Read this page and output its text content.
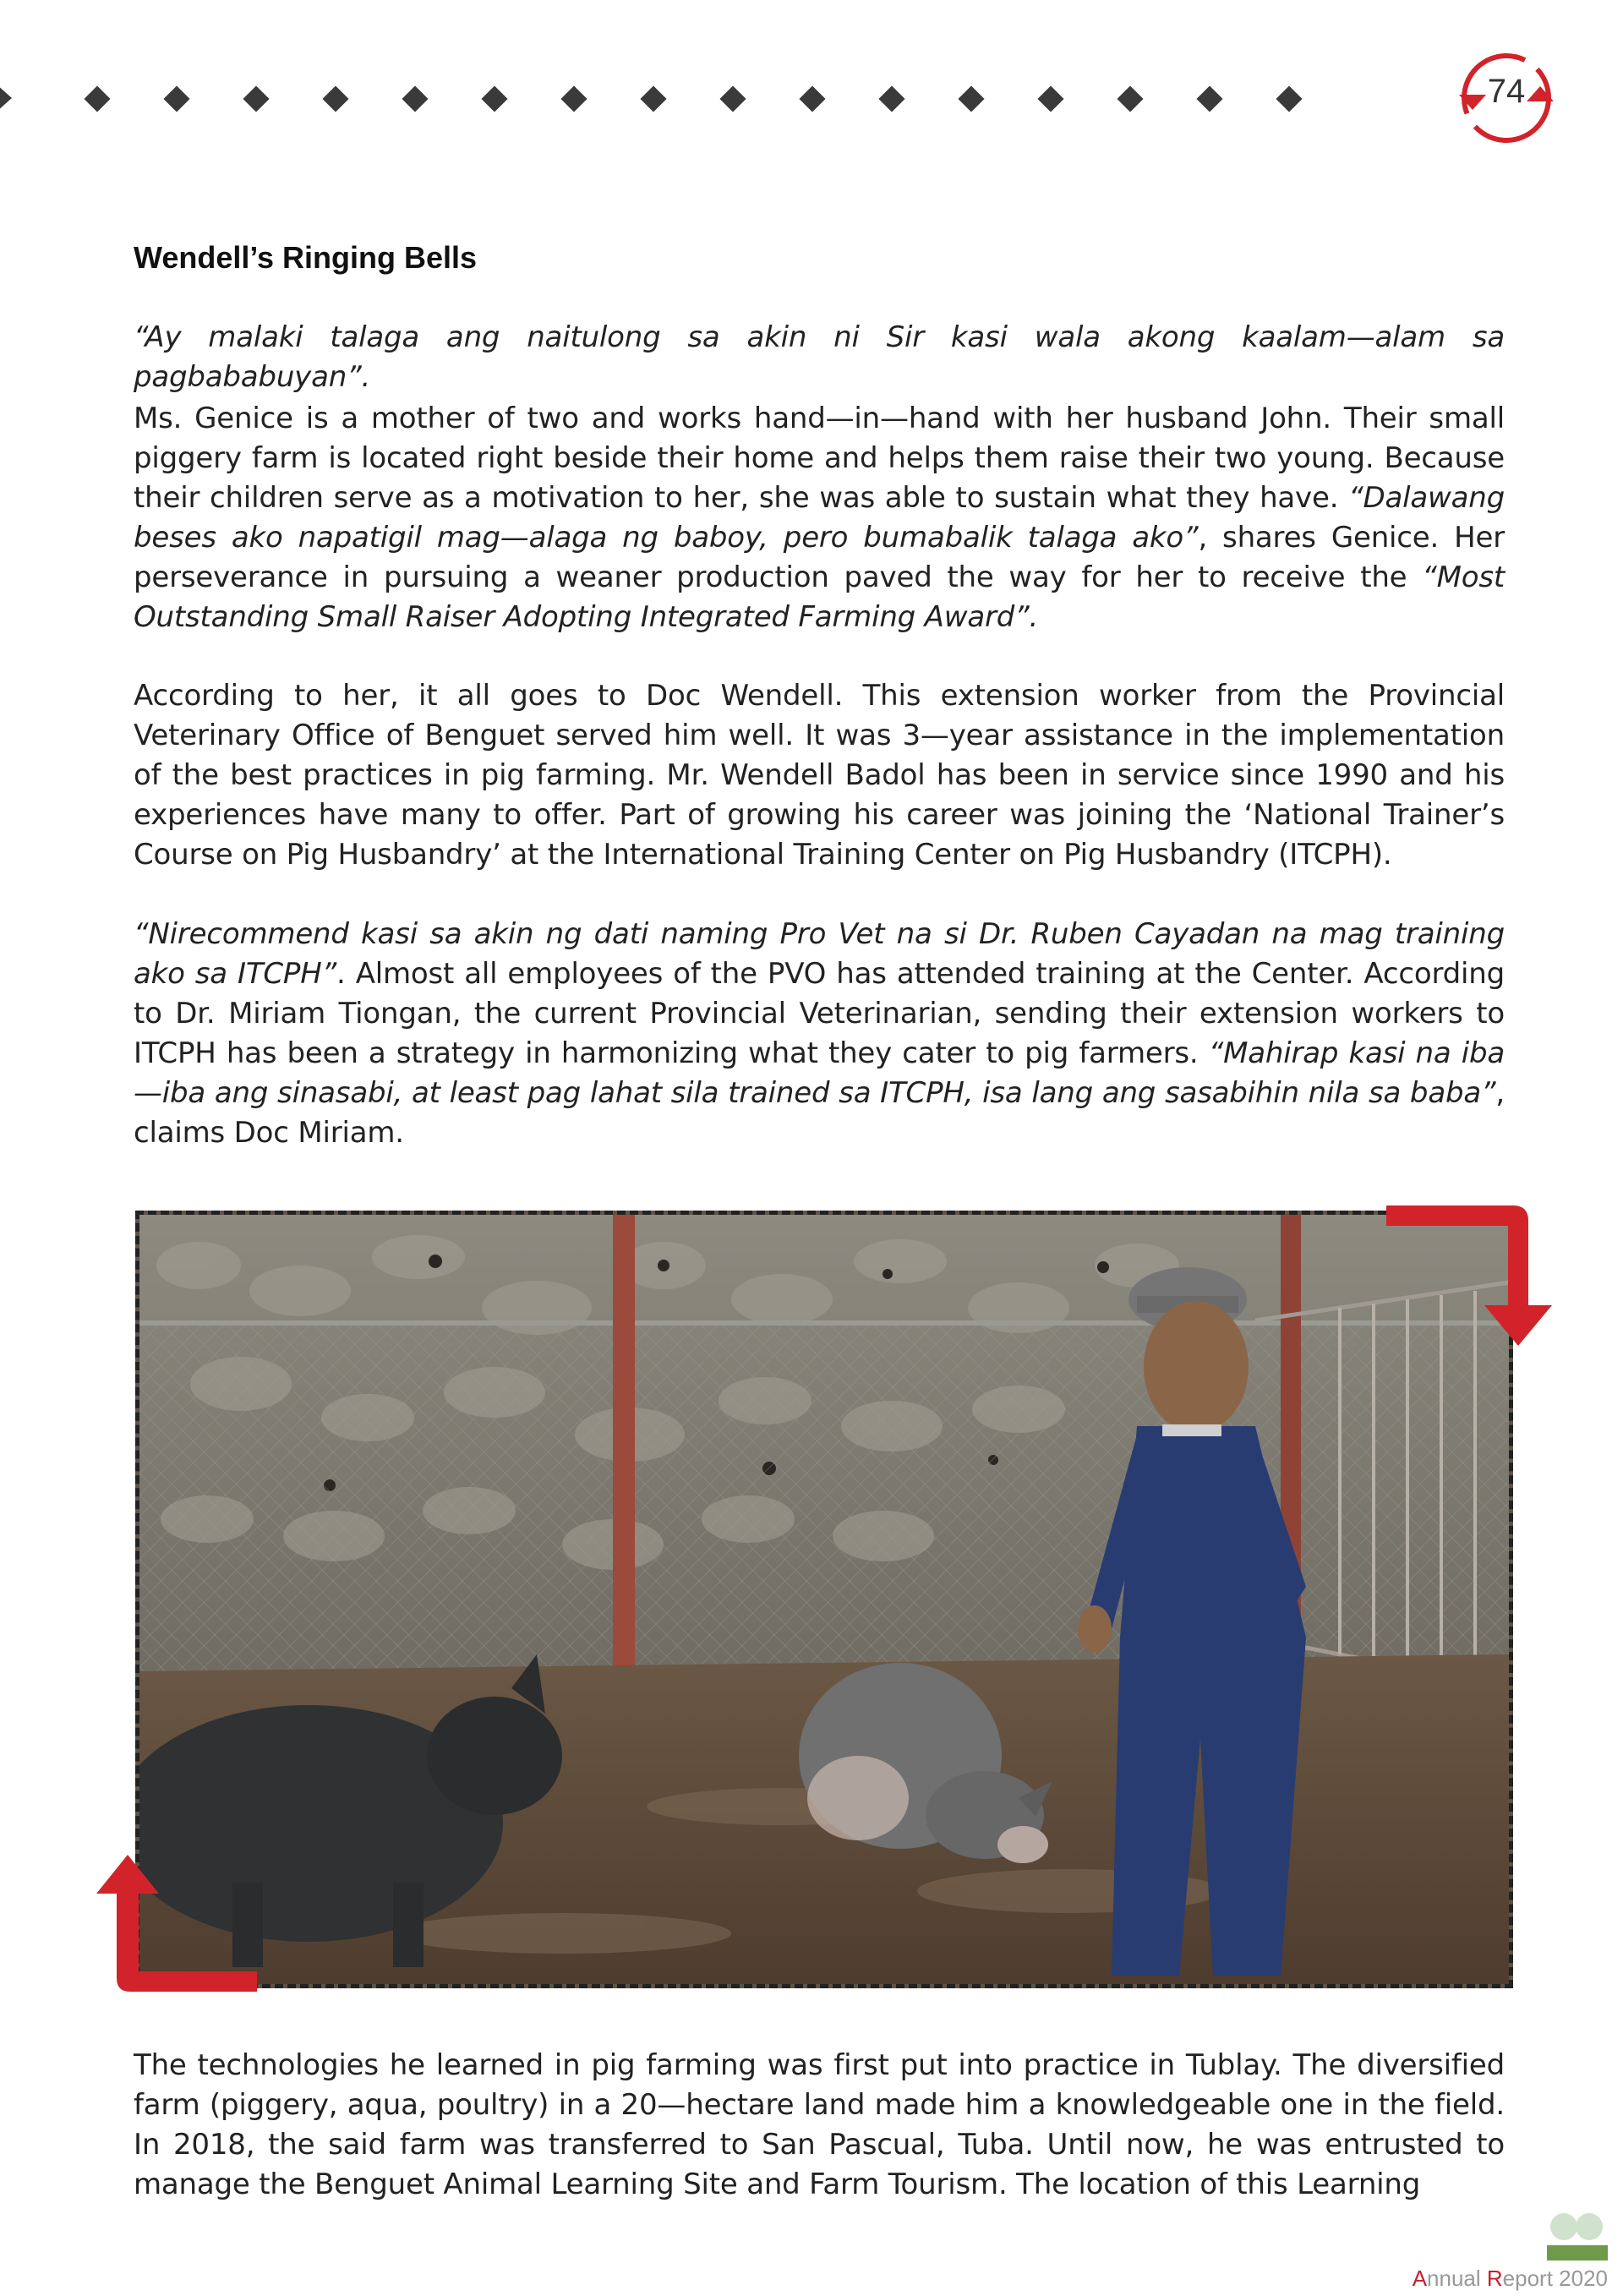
74
Wendell’s Ringing Bells

“Ay malaki talaga ang naitulong sa akin ni Sir kasi wala akong kaalam—alam sa pagbababuyan”.

Ms. Genice is a mother of two and works hand—in—hand with her husband John. Their small piggery farm is located right beside their home and helps them raise their two young. Because their children serve as a motivation to her, she was able to sustain what they have. “Dalawang beses ako napatigil mag—alaga ng baboy, pero bumabalik talaga ako”, shares Genice. Her perseverance in pursuing a weaner production paved the way for her to receive the “Most Outstanding Small Raiser Adopting Integrated Farming Award”.

According to her, it all goes to Doc Wendell. This extension worker from the Provincial Veterinary Office of Benguet served him well. It was 3—year assistance in the implementation of the best practices in pig farming. Mr. Wendell Badol has been in service since 1990 and his experiences have many to offer. Part of growing his career was joining the ‘National Trainer’s Course on Pig Husbandry’ at the International Training Center on Pig Husbandry (ITCPH).

“Nirecommend kasi sa akin ng dati naming Pro Vet na si Dr. Ruben Cayadan na mag training ako sa ITCPH”. Almost all employees of the PVO has attended training at the Center. According to Dr. Miriam Tiongan, the current Provincial Veterinarian, sending their extension workers to ITCPH has been a strategy in harmonizing what they cater to pig farmers. “Mahirap kasi na iba—iba ang sinasabi, at least pag lahat sila trained sa ITCPH, isa lang ang sasabihin nila sa baba”, claims Doc Miriam.

The technologies he learned in pig farming was first put into practice in Tublay. The diversified farm (piggery, aqua, poultry) in a 20—hectare land made him a knowledgeable one in the field. In 2018, the said farm was transferred to San Pascual, Tuba. Until now, he was entrusted to manage the Benguet Animal Learning Site and Farm Tourism. The location of this Learning

Annual Report 2020
